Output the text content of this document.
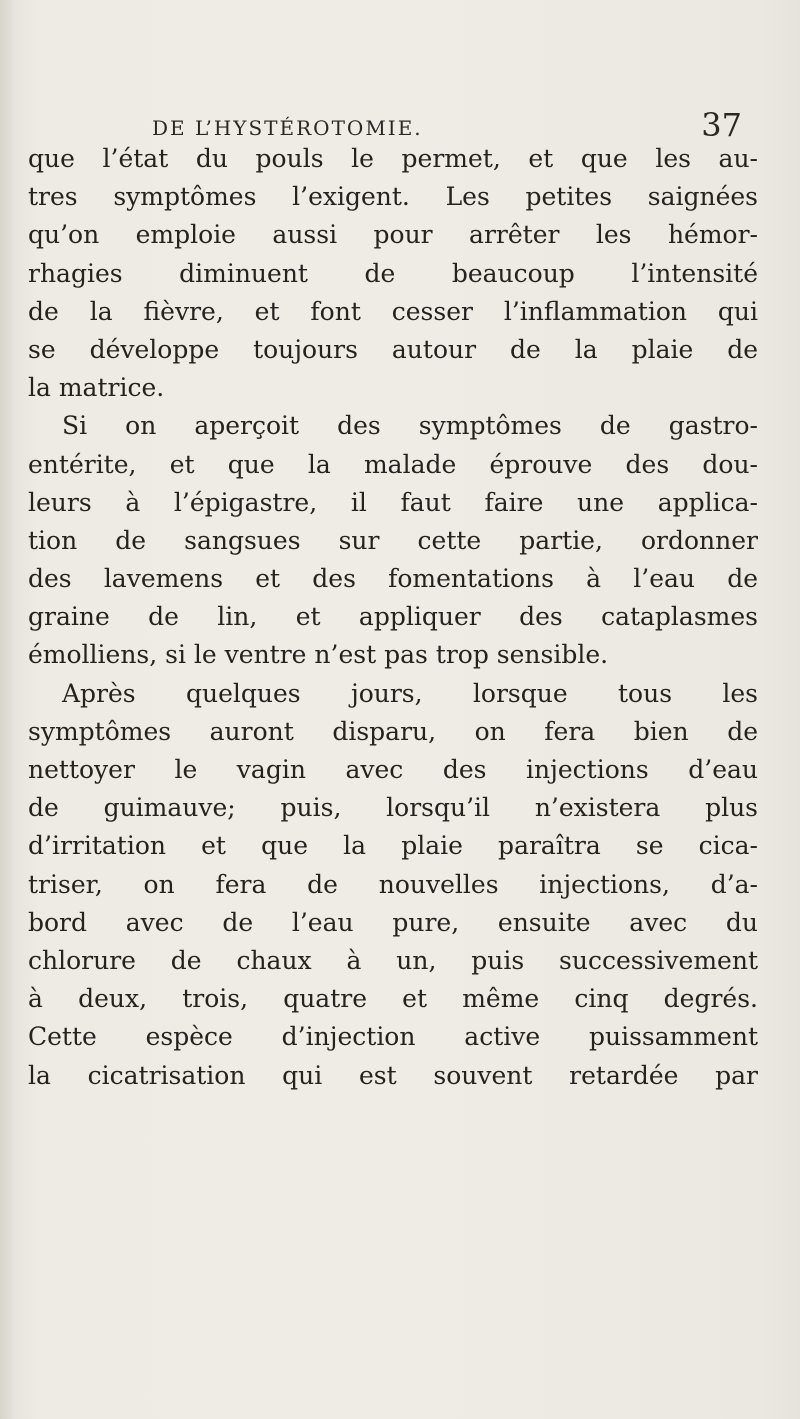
DE L’HYSTÉROTOMIE.	37
que l’état du pouls le permet, et que les au-
tres symptômes l’exigent. Les petites saignées
qu’on emploie aussi pour arrêter les hémor-
rhagies diminuent de beaucoup l’intensité
de la fièvre, et font cesser l’inflammation qui
se développe toujours autour de la plaie de
la matrice.
Si on aperçoit des symptômes de gastro-
entérite, et que la malade éprouve des dou-
leurs à l’épigastre, il faut faire une applica-
tion de sangsues sur cette partie, ordonner
des lavemens et des fomentations à l’eau de
graine de lin, et appliquer des cataplasmes
émolliens, si le ventre n’est pas trop sensible.
Après quelques jours, lorsque tous les
symptômes auront disparu, on fera bien de
nettoyer le vagin avec des injections d’eau
de guimauve; puis, lorsqu’il n’existera plus
d’irritation et que la plaie paraîtra se cica-
triser, on fera de nouvelles injections, d’a-
bord avec de l’eau pure, ensuite avec du
chlorure de chaux à un, puis successivement
à deux, trois, quatre et même cinq degrés.
Cette espèce d’injection active puissamment
la cicatrisation qui est souvent retardée par
